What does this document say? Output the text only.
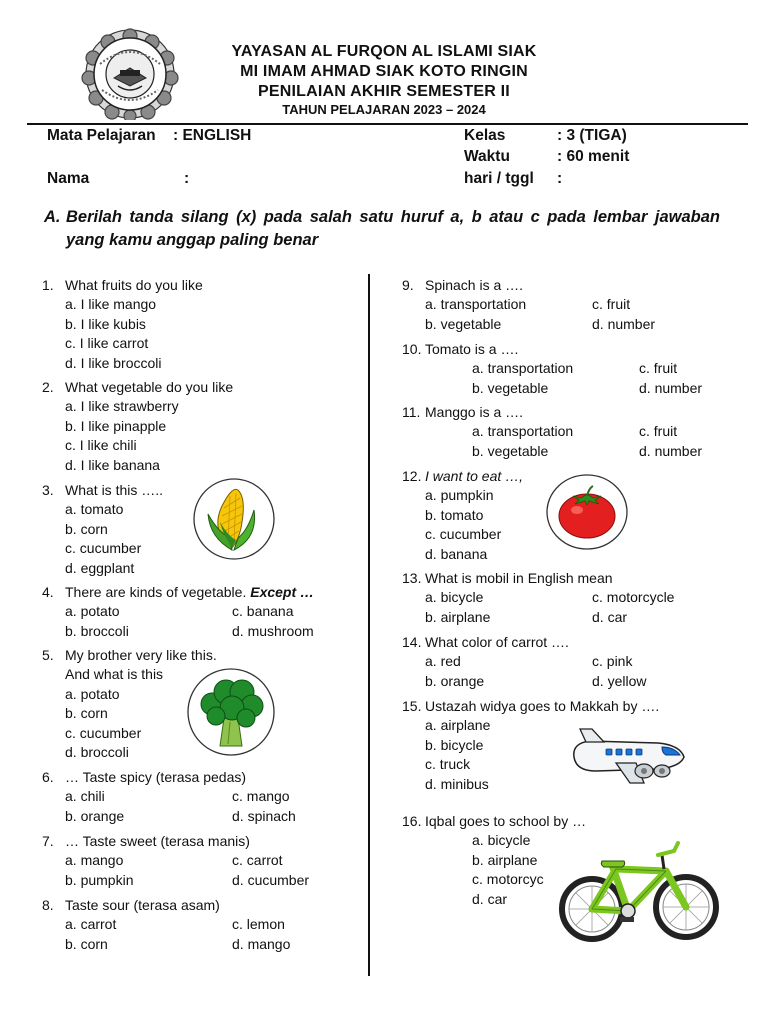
YAYASAN AL FURQON AL ISLAMI SIAK
MI IMAM AHMAD SIAK KOTO RINGIN
PENILAIAN AKHIR SEMESTER II
TAHUN PELAJARAN 2023 – 2024
Mata Pelajaran : ENGLISH
Nama	:
Kelas	: 3 (TIGA)
Waktu	: 60 menit
hari / tggl :
A. Berilah tanda silang (x) pada salah satu huruf a, b atau c pada lembar jawaban yang kamu anggap paling benar
1. What fruits do you like
a. I like mango
b. I like kubis
c. I like carrot
d. I like broccoli
2. What vegetable do you like
a. I like strawberry
b. I like pinapple
c. I like chili
d. I like banana
3. What is this …..
a. tomato
b. corn
c. cucumber
d. eggplant
4. There are kinds of vegetable. Except …
a. potato	c. banana
b. broccoli	d. mushroom
5. My brother very like this.
And what is this
a. potato
b. corn
c. cucumber
d. broccoli
6. … Taste spicy (terasa pedas)
a. chili	c. mango
b. orange	d. spinach
7. … Taste sweet (terasa manis)
a. mango	c. carrot
b. pumpkin	d. cucumber
8. Taste sour (terasa asam)
a. carrot	c. lemon
b. corn	d. mango
9. Spinach is a ….
a. transportation	c. fruit
b. vegetable	d. number
10. Tomato is a ….
a. transportation	c. fruit
b. vegetable	d. number
11. Manggo is a ….
a. transportation	c. fruit
b. vegetable	d. number
12. I want to eat …,
a. pumpkin
b. tomato
c. cucumber
d. banana
13. What is mobil in English mean
a. bicycle	c. motorcycle
b. airplane	d. car
14. What color of carrot ….
a. red	c. pink
b. orange	d. yellow
15. Ustazah widya goes to Makkah by ….
a. airplane
b. bicycle
c. truck
d. minibus
16. Iqbal goes to school by …
a. bicycle
b. airplane
c. motorcyc
d. car
